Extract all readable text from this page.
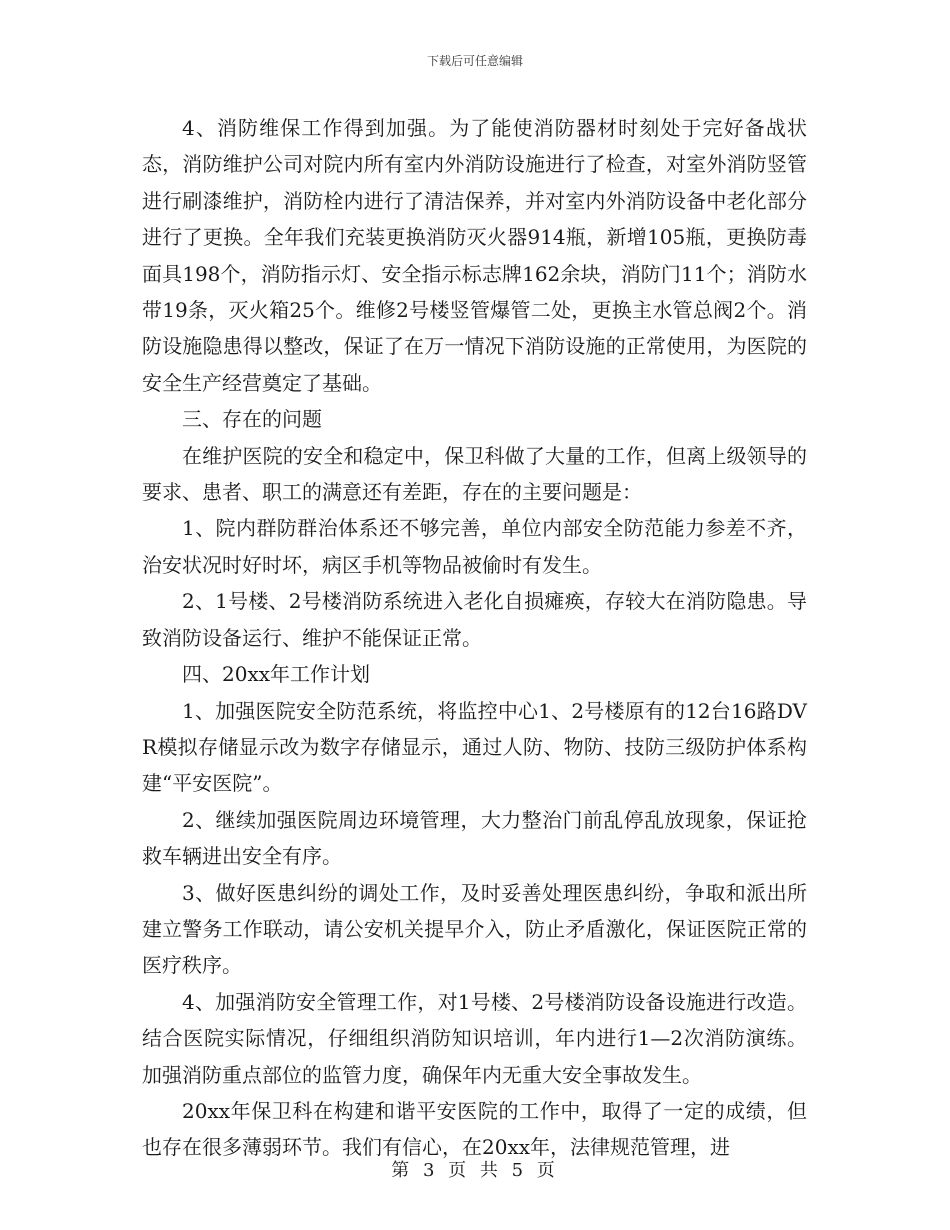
下载后可任意编辑

4、消防维保工作得到加强。为了能使消防器材时刻处于完好备战状态，消防维护公司对院内所有室内外消防设施进行了检查，对室外消防竖管进行刷漆维护，消防栓内进行了清洁保养，并对室内外消防设备中老化部分进行了更换。全年我们充装更换消防灭火器914瓶，新增105瓶，更换防毒面具198个，消防指示灯、安全指示标志牌162余块，消防门11个；消防水带19条，灭火箱25个。维修2号楼竖管爆管二处，更换主水管总阀2个。消防设施隐患得以整改，保证了在万一情况下消防设施的正常使用，为医院的安全生产经营奠定了基础。

三、存在的问题

在维护医院的安全和稳定中，保卫科做了大量的工作，但离上级领导的要求、患者、职工的满意还有差距，存在的主要问题是：

1、院内群防群治体系还不够完善，单位内部安全防范能力参差不齐，治安状况时好时坏，病区手机等物品被偷时有发生。

2、1号楼、2号楼消防系统进入老化自损瘫痪，存较大在消防隐患。导致消防设备运行、维护不能保证正常。

四、20xx年工作计划

1、加强医院安全防范系统，将监控中心1、2号楼原有的12台16路DVR模拟存储显示改为数字存储显示，通过人防、物防、技防三级防护体系构建“平安医院”。

2、继续加强医院周边环境管理，大力整治门前乱停乱放现象，保证抢救车辆进出安全有序。

3、做好医患纠纷的调处工作，及时妥善处理医患纠纷，争取和派出所建立警务工作联动，请公安机关提早介入，防止矛盾激化，保证医院正常的医疗秩序。

4、加强消防安全管理工作，对1号楼、2号楼消防设备设施进行改造。结合医院实际情况，仔细组织消防知识培训，年内进行1—2次消防演练。加强消防重点部位的监管力度，确保年内无重大安全事故发生。

20xx年保卫科在构建和谐平安医院的工作中，取得了一定的成绩，但也存在很多薄弱环节。我们有信心，在20xx年，法律规范管理，进

第 3 页 共 5 页
